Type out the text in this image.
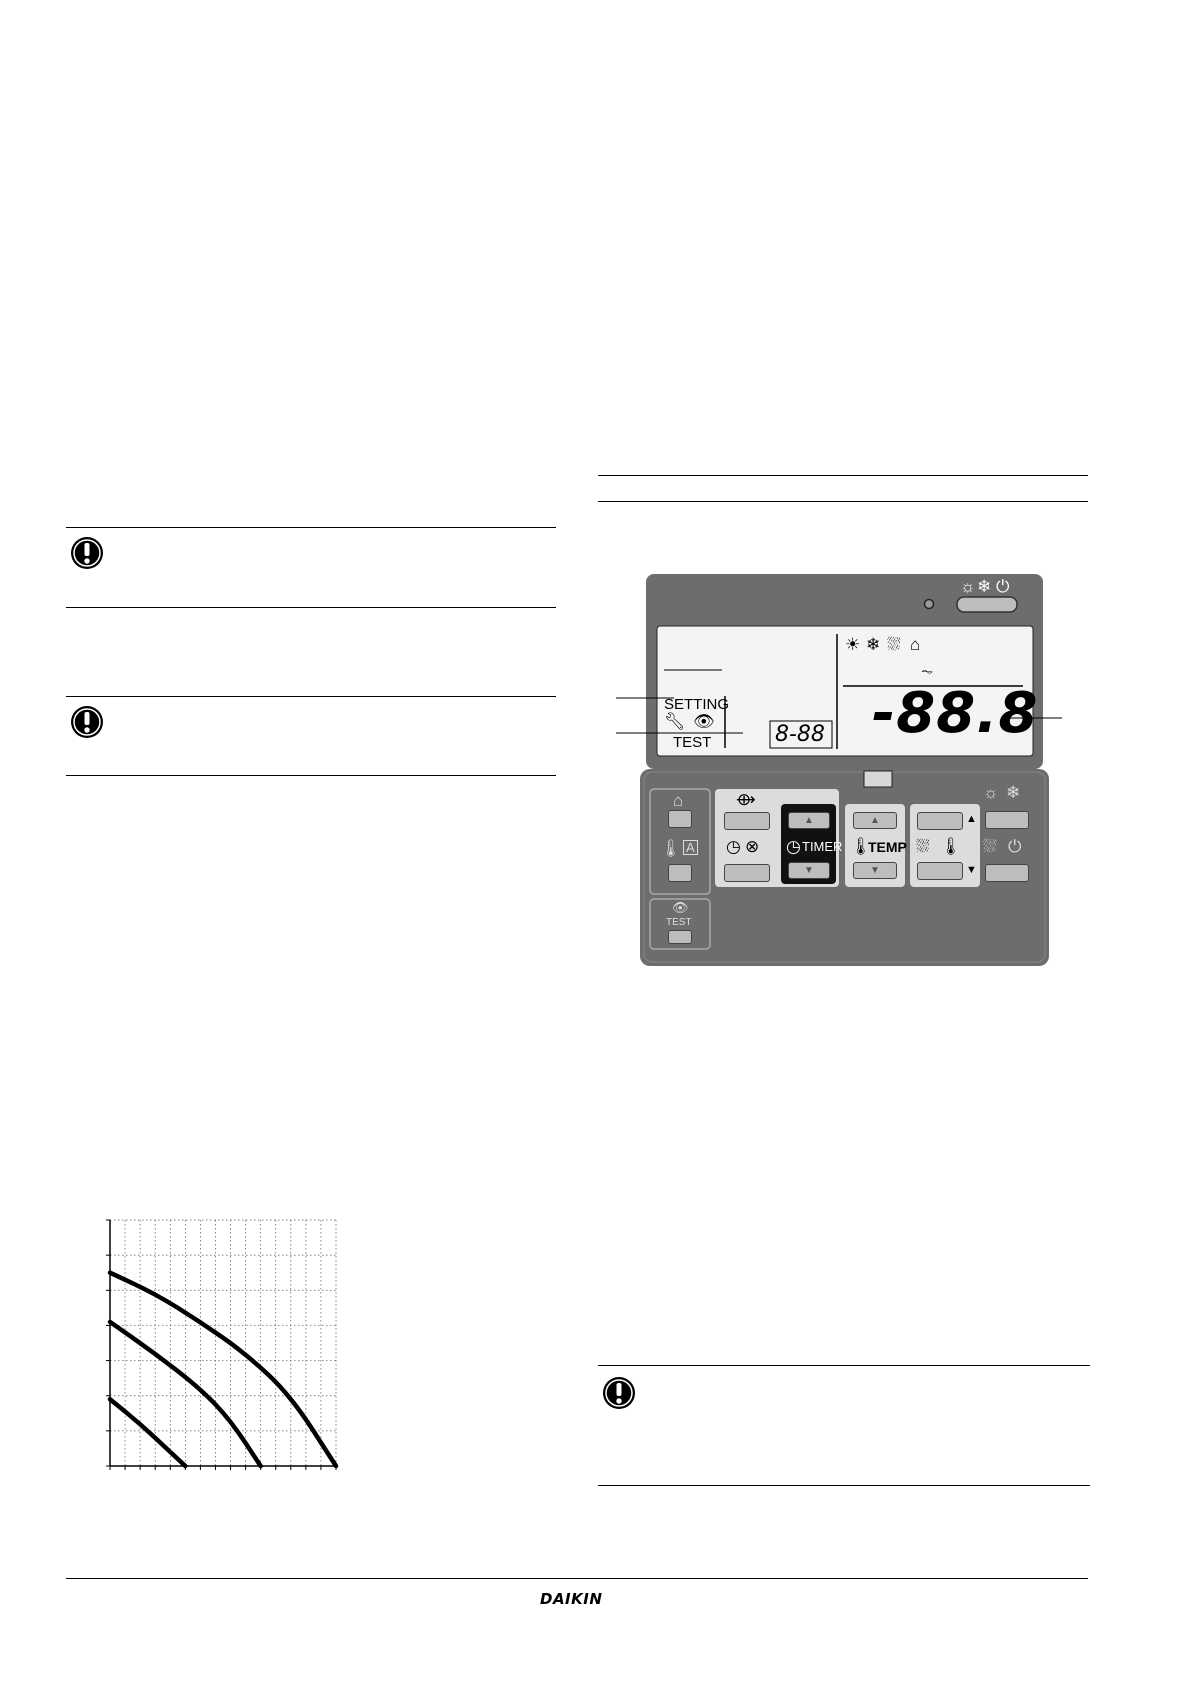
☼ ❄ ⏻
☀ ❄ ⛆ ⌂
⏦
SETTING
🔧︎ 👁︎
TEST	8-88 -88.8
⌂
🌡︎ A
👁︎
TEST
⟴
◷ ⊗
▲
◷ TIMER
▼
▲
🌡︎
TEMP
▼
▲
⛆ 🌡︎
▼
☼ ❄
⛆ ⏻
DAIKIN
